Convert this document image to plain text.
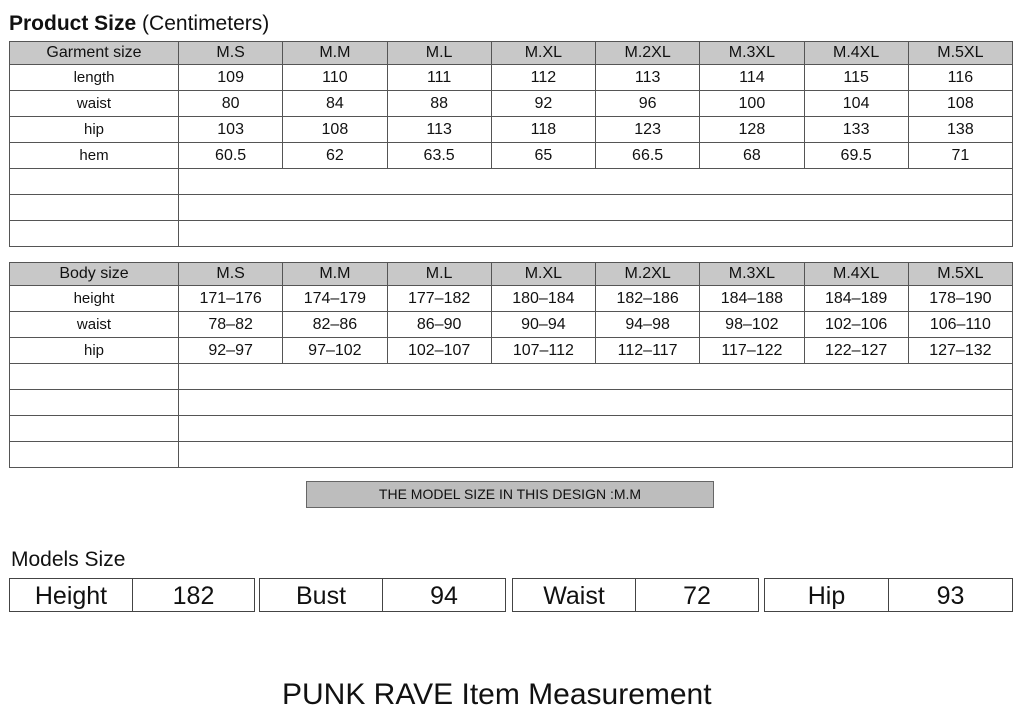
Product Size (Centimeters)
Garment size	M.S	M.M	M.L	M.XL	M.2XL	M.3XL	M.4XL	M.5XL
length	109	110	111	112	113	114	115	116
waist	80	84	88	92	96	100	104	108
hip	103	108	113	118	123	128	133	138
hem	60.5	62	63.5	65	66.5	68	69.5	71

Body size	M.S	M.M	M.L	M.XL	M.2XL	M.3XL	M.4XL	M.5XL
height	171–176	174–179	177–182	180–184	182–186	184–188	184–189	178–190
waist	78–82	82–86	86–90	90–94	94–98	98–102	102–106	106–110
hip	92–97	97–102	102–107	107–112	112–117	117–122	122–127	127–132

THE MODEL SIZE IN THIS DESIGN :M.M
Models Size
Height	182	Bust	94	Waist	72	Hip	93
PUNK RAVE Item Measurement
